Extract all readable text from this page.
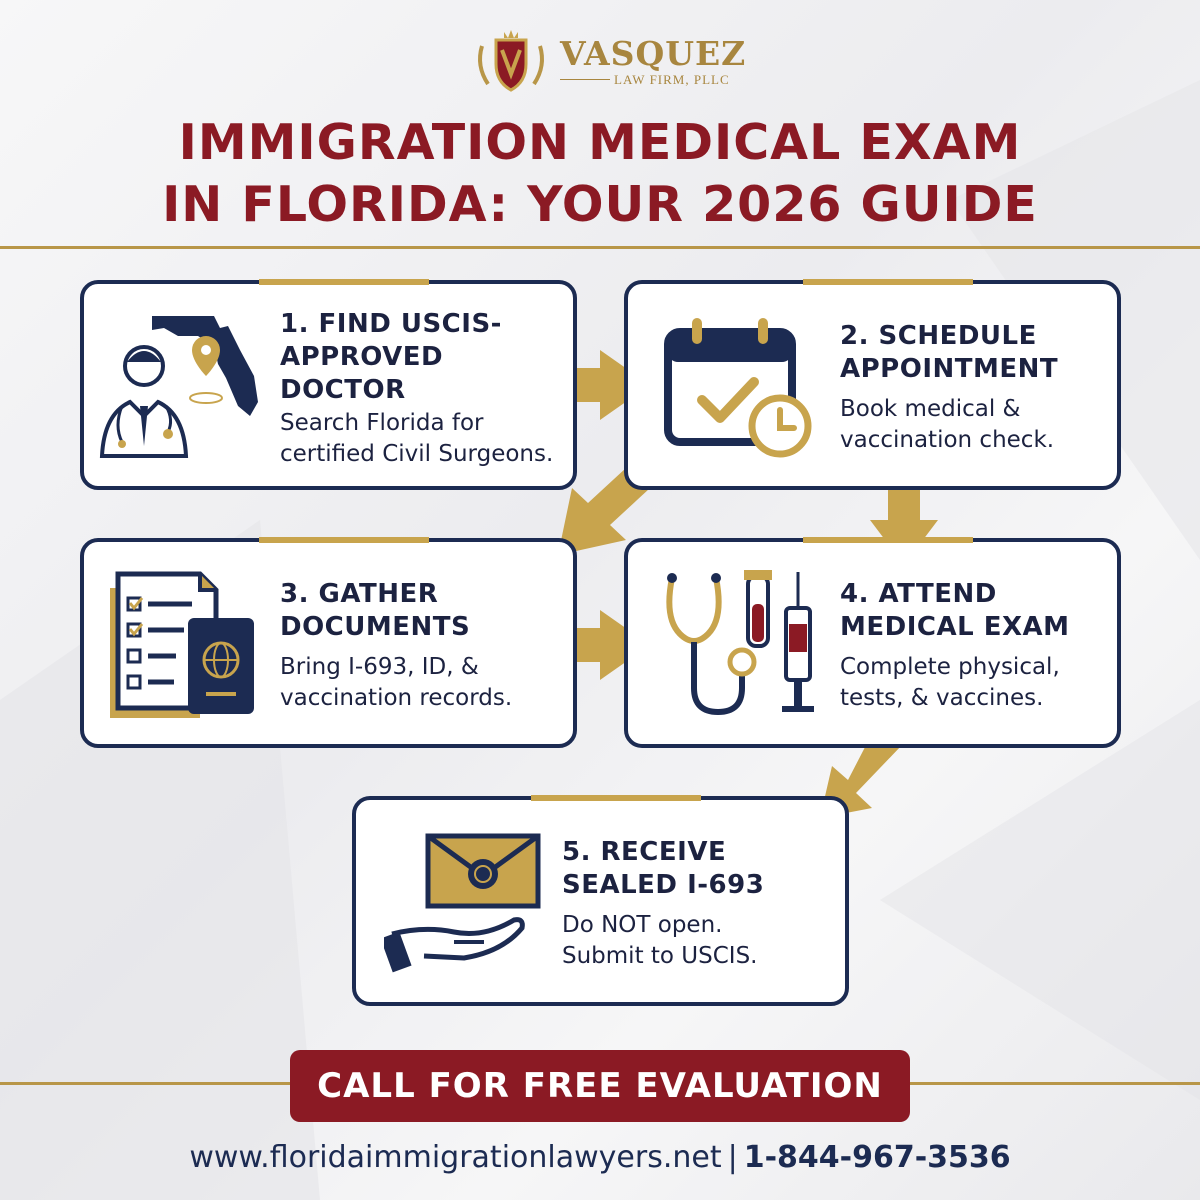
VASQUEZ
LAW FIRM, PLLC
IMMIGRATION MEDICAL EXAM
IN FLORIDA: YOUR 2026 GUIDE
1. FIND USCIS-
APPROVED
DOCTOR
Search Florida for
certified Civil Surgeons.
2. SCHEDULE
APPOINTMENT
Book medical &
vaccination check.
3. GATHER
DOCUMENTS
Bring I-693, ID, &
vaccination records.
4. ATTEND
MEDICAL EXAM
Complete physical,
tests, & vaccines.
5. RECEIVE
SEALED I-693
Do NOT open.
Submit to USCIS.
CALL FOR FREE EVALUATION
www.floridaimmigrationlawyers.net | 1-844-967-3536
